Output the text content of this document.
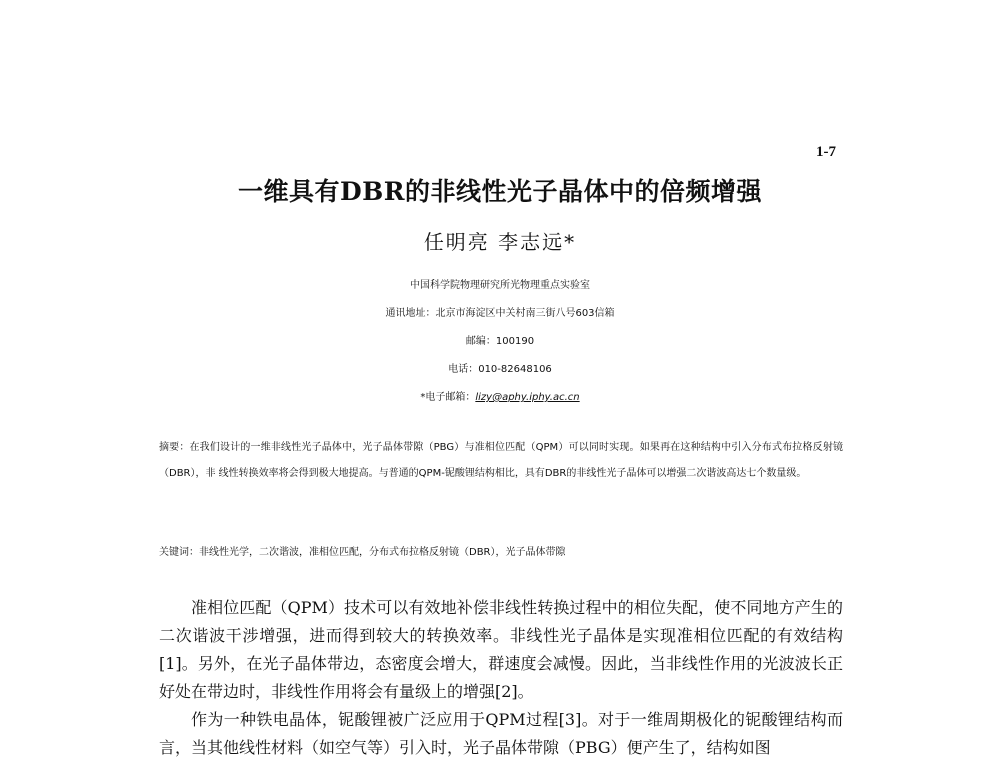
1-7
一维具有DBR的非线性光子晶体中的倍频增强
任明亮 李志远*
中国科学院物理研究所光物理重点实验室
通讯地址：北京市海淀区中关村南三街八号603信箱
邮编：100190
电话：010-82648106
*电子邮箱：lizy@aphy.iphy.ac.cn
摘要：在我们设计的一维非线性光子晶体中，光子晶体带隙（PBG）与准相位匹配（QPM）可以同时实现。如果再在这种结构中引入分布式布拉格反射镜（DBR），非 线性转换效率将会得到极大地提高。与普通的QPM-铌酸锂结构相比，具有DBR的非线性光子晶体可以增强二次谐波高达七个数量级。
关键词：非线性光学，二次谐波，准相位匹配，分布式布拉格反射镜（DBR），光子晶体带隙

准相位匹配（QPM）技术可以有效地补偿非线性转换过程中的相位失配，使不同地方产生的二次谐波干涉增强，进而得到较大的转换效率。非线性光子晶体是实现准相位匹配的有效结构[1]。另外，在光子晶体带边，态密度会增大，群速度会减慢。因此，当非线性作用的光波波长正好处在带边时，非线性作用将会有量级上的增强[2]。

作为一种铁电晶体，铌酸锂被广泛应用于QPM过程[3]。对于一维周期极化的铌酸锂结构而言，当其他线性材料（如空气等）引入时，光子晶体带隙（PBG）便产生了，结构如图
